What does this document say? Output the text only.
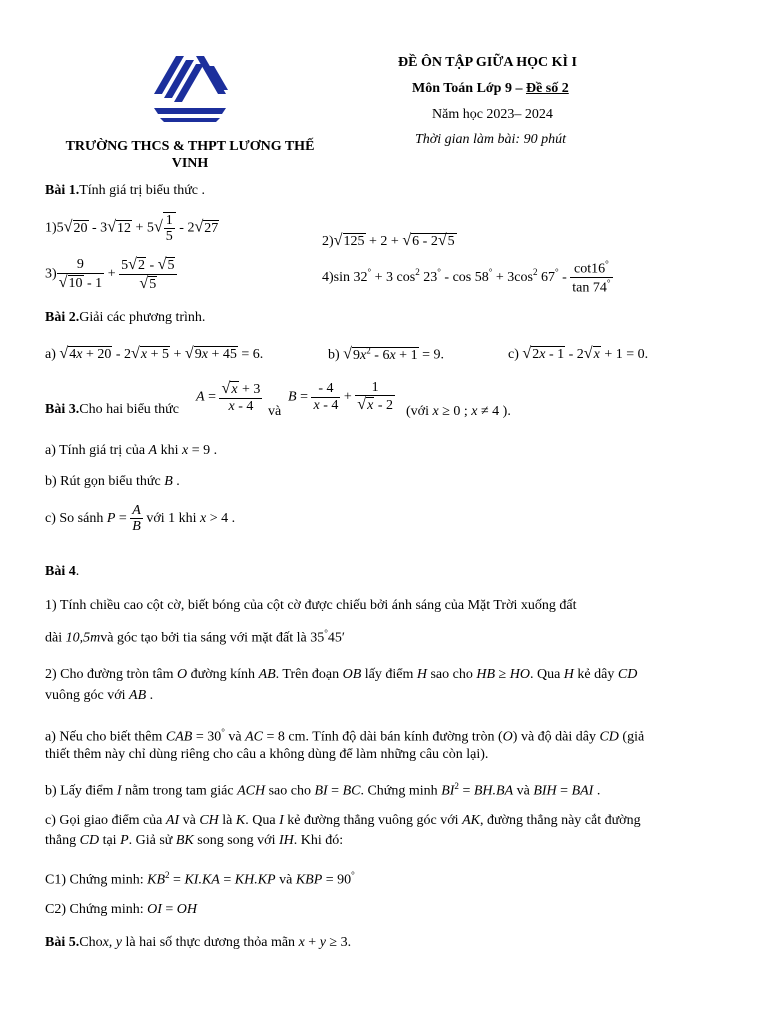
ĐỀ ÔN TẬP GIỮA HỌC KÌ I
Môn Toán Lớp 9 – Đề số 2
Năm học 2023– 2024
Thời gian làm bài: 90 phút
TRƯỜNG THCS & THPT LƯƠNG THẾ
VINH
Bài 1.Tính giá trị biểu thức .
$1)5√20 - 3√12 + 5√ \frac{1}{5} - 2√27$
2)√125 + 2 + √6 - 2√5
$3) \frac{9}{√10 - 1} + \frac{5√2 - √5}{√5}$	4)sin 32° + 3 $\cos^2 23^\circ - \cos 58^\circ + 3\cos^2$ $67^\circ - \frac{\cot 16^\circ}{\tan 74^\circ}$
Bài 2.Giải các phương trình.
a) √4x + 20 - 2√x + 5 + √9x + 45 = 6.	b) $√9x^2 - 6x + 1 = 9$.	c) √2x - 1 - 2√x + 1 = 0.
Bài 3.Cho hai biểu thức
$A = \frac{√x + 3}{x - 4}$ và
$B = \frac{- 4}{x - 4} + \frac{1}{√x - 2}$ (với x ≥ 0 ; x ≠ 4 ).
a) Tính giá trị của A khi x = 9 .
b) Rút gọn biểu thức B .
c) So sánh $P = \frac{A}{B}$ với 1 khi x > 4 .
Bài 4.
1) Tính chiều cao cột cờ, biết bóng của cột cờ được chiếu bởi ánh sáng của Mặt Trời xuống đất
dài 10,5mvà góc tạo bởi tia sáng với mặt đất là 35°45′
2) Cho đường tròn tâm O đường kính AB. Trên đoạn OB lấy điểm H sao cho HB ≥ HO. Qua H kẻ dây CD
vuông góc với AB .
a) Nếu cho biết thêm CAB = 30° và AC = 8 cm. Tính độ dài bán kính đường tròn (O) và độ dài dây CD (giả
thiết thêm này chỉ dùng riêng cho câu a không dùng để làm những câu còn lại).
b) Lấy điểm I nằm trong tam giác ACH sao cho BI = BC. Chứng minh $BI^2 = BH.BA$ và BIH = BAI .
c) Gọi giao điểm của AI và CH là K. Qua I kẻ đường thẳng vuông góc với AK, đường thẳng này cắt đường
thẳng CD tại P. Giả sử BK song song với IH. Khi đó:
C1) Chứng minh: $KB^2 = KI.KA = KH.KP$ và KBP = 90°
C2) Chứng minh: OI = OH
Bài 5.Chox, y là hai số thực dương thỏa mãn x + y ≥ 3.
